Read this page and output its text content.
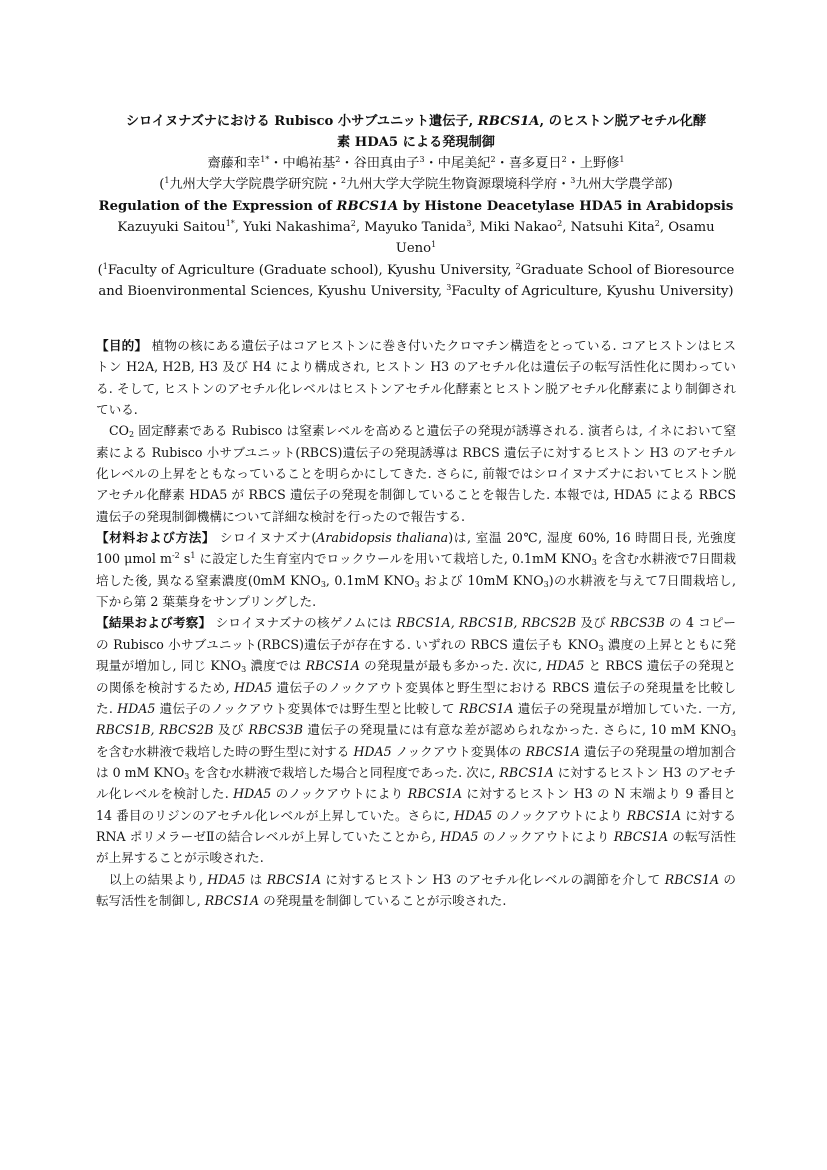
シロイヌナズナにおける Rubisco 小サブユニット遺伝子, RBCS1A, のヒストン脱アセチル化酵
素 HDA5 による発現制御
齋藤和幸$^{1*}$・中嶋祐基$^2$・谷田真由子$^3$・中尾美紀$^2$・喜多夏日$^2$・上野修$^1$
($^1$九州大学大学院農学研究院・$^2$九州大学大学院生物資源環境科学府・$^3$九州大学農学部)
Regulation of the Expression of RBCS1A by Histone Deacetylase HDA5 in Arabidopsis
Kazuyuki Saitou$^{1*}$, Yuki Nakashima$^2$, Mayuko Tanida$^3$, Miki Nakao$^2$, Natsuhi Kita$^2$, Osamu
Ueno$^1$
($^1$Faculty of Agriculture (Graduate school), Kyushu University, $^2$Graduate School of Bioresource
and Bioenvironmental Sciences, Kyushu University, $^3$Faculty of Agriculture, Kyushu University)

【目的】 植物の核にある遺伝子はコアヒストンに巻き付いたクロマチン構造をとっている. コアヒストンはヒストン H2A, H2B, H3 及び H4 により構成され, ヒストン H3 のアセチル化は遺伝子の転写活性化に関わっている. そして, ヒストンのアセチル化レベルはヒストンアセチル化酵素とヒストン脱アセチル化酵素により制御されている.

$CO_2$ 固定酵素である Rubisco は窒素レベルを高めると遺伝子の発現が誘導される. 演者らは, イネにおいて窒素による Rubisco 小サブユニット(RBCS)遺伝子の発現誘導は RBCS 遺伝子に対するヒストン H3 のアセチル化レベルの上昇をともなっていることを明らかにしてきた. さらに, 前報ではシロイヌナズナにおいてヒストン脱アセチル化酵素 HDA5 が RBCS 遺伝子の発現を制御していることを報告した. 本報では, HDA5 による RBCS 遺伝子の発現制御機構について詳細な検討を行ったので報告する.

【材料および方法】 シロイヌナズナ(Arabidopsis thaliana)は, 室温 20℃, 湿度 60%, 16 時間日長, 光強度 100 μmol $m^{-2}$ $s^1$ に設定した生育室内でロックウールを用いて栽培した, 0.1mM $KNO_3$ を含む水耕液で7日間栽培した後, 異なる窒素濃度(0mM $KNO_3$, 0.1mM $KNO_3$ および 10mM $KNO_3$)の水耕液を与えて7日間栽培し, 下から第 2 葉葉身をサンプリングした.

【結果および考察】 シロイヌナズナの核ゲノムには RBCS1A, RBCS1B, RBCS2B 及び RBCS3B の 4 コピーの Rubisco 小サブユニット(RBCS)遺伝子が存在する. いずれの RBCS 遺伝子も $KNO_3$ 濃度の上昇とともに発現量が増加し, 同じ $KNO_3$ 濃度では RBCS1A の発現量が最も多かった. 次に, HDA5 と RBCS 遺伝子の発現との関係を検討するため, HDA5 遺伝子のノックアウト変異体と野生型における RBCS 遺伝子の発現量を比較した. HDA5 遺伝子のノックアウト変異体では野生型と比較して RBCS1A 遺伝子の発現量が増加していた. 一方, RBCS1B, RBCS2B 及び RBCS3B 遺伝子の発現量には有意な差が認められなかった. さらに, 10 mM $KNO_3$ を含む水耕液で栽培した時の野生型に対する HDA5 ノックアウト変異体の RBCS1A 遺伝子の発現量の増加割合は 0 mM $KNO_3$ を含む水耕液で栽培した場合と同程度であった. 次に, RBCS1A に対するヒストン H3 のアセチル化レベルを検討した. HDA5 のノックアウトにより RBCS1A に対するヒストン H3 の N 末端より 9 番目と 14 番目のリジンのアセチル化レベルが上昇していた。さらに, HDA5 のノックアウトにより RBCS1A に対する RNA ポリメラーゼⅡの結合レベルが上昇していたことから, HDA5 のノックアウトにより RBCS1A の転写活性が上昇することが示唆された.

以上の結果より, HDA5 は RBCS1A に対するヒストン H3 のアセチル化レベルの調節を介して RBCS1A の転写活性を制御し, RBCS1A の発現量を制御していることが示唆された.
